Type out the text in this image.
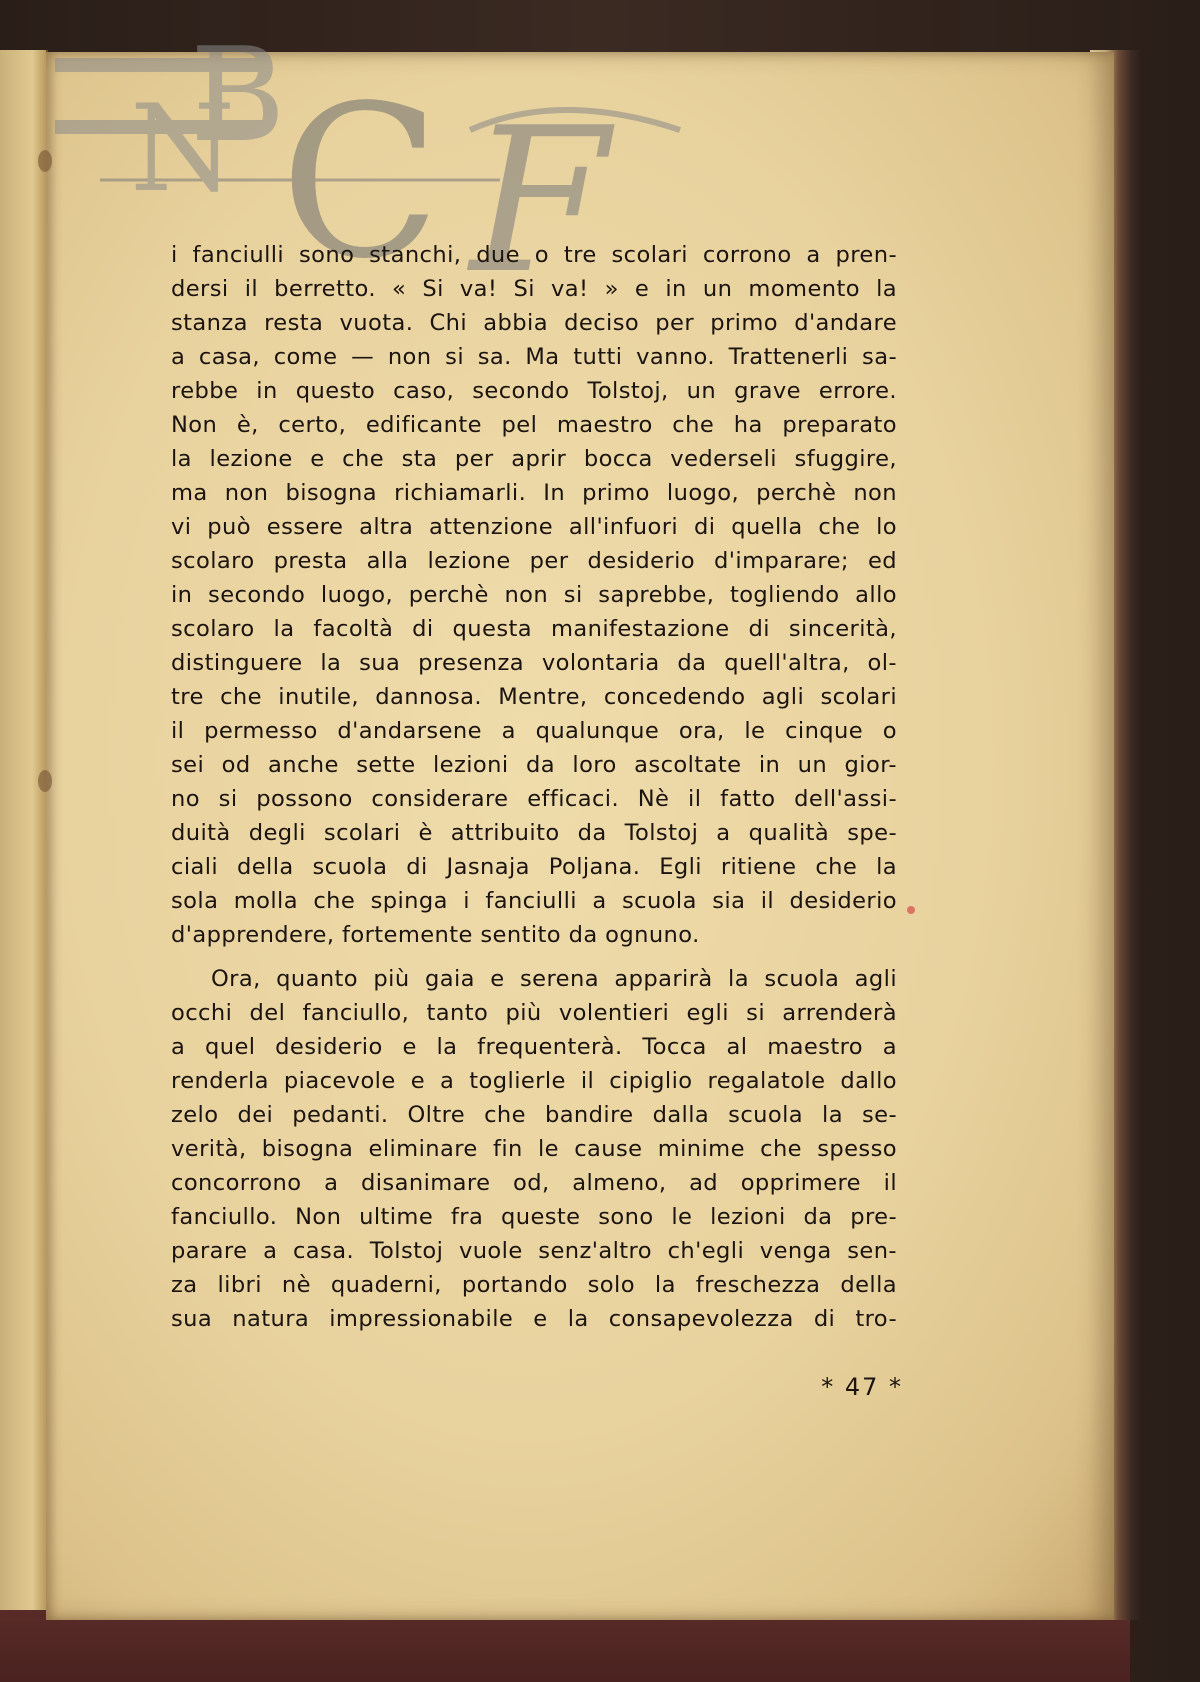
N
B
C F
i fanciulli sono stanchi, due o tre scolari corrono a pren-
dersi il berretto. « Si va! Si va! » e in un momento la
stanza resta vuota. Chi abbia deciso per primo d'andare
a casa, come — non si sa. Ma tutti vanno. Trattenerli sa-
rebbe in questo caso, secondo Tolstoj, un grave errore.
Non è, certo, edificante pel maestro che ha preparato
la lezione e che sta per aprir bocca vederseli sfuggire,
ma non bisogna richiamarli. In primo luogo, perchè non
vi può essere altra attenzione all'infuori di quella che lo
scolaro presta alla lezione per desiderio d'imparare; ed
in secondo luogo, perchè non si saprebbe, togliendo allo
scolaro la facoltà di questa manifestazione di sincerità,
distinguere la sua presenza volontaria da quell'altra, ol-
tre che inutile, dannosa. Mentre, concedendo agli scolari
il permesso d'andarsene a qualunque ora, le cinque o
sei od anche sette lezioni da loro ascoltate in un gior-
no si possono considerare efficaci. Nè il fatto dell'assi-
duità degli scolari è attribuito da Tolstoj a qualità spe-
ciali della scuola di Jasnaja Poljana. Egli ritiene che la
sola molla che spinga i fanciulli a scuola sia il desiderio
d'apprendere, fortemente sentito da ognuno.
Ora, quanto più gaia e serena apparirà la scuola agli
occhi del fanciullo, tanto più volentieri egli si arrenderà
a quel desiderio e la frequenterà. Tocca al maestro a
renderla piacevole e a toglierle il cipiglio regalatole dallo
zelo dei pedanti. Oltre che bandire dalla scuola la se-
verità, bisogna eliminare fin le cause minime che spesso
concorrono a disanimare od, almeno, ad opprimere il
fanciullo. Non ultime fra queste sono le lezioni da pre-
parare a casa. Tolstoj vuole senz'altro ch'egli venga sen-
za libri nè quaderni, portando solo la freschezza della
sua natura impressionabile e la consapevolezza di tro-
* 47 *
